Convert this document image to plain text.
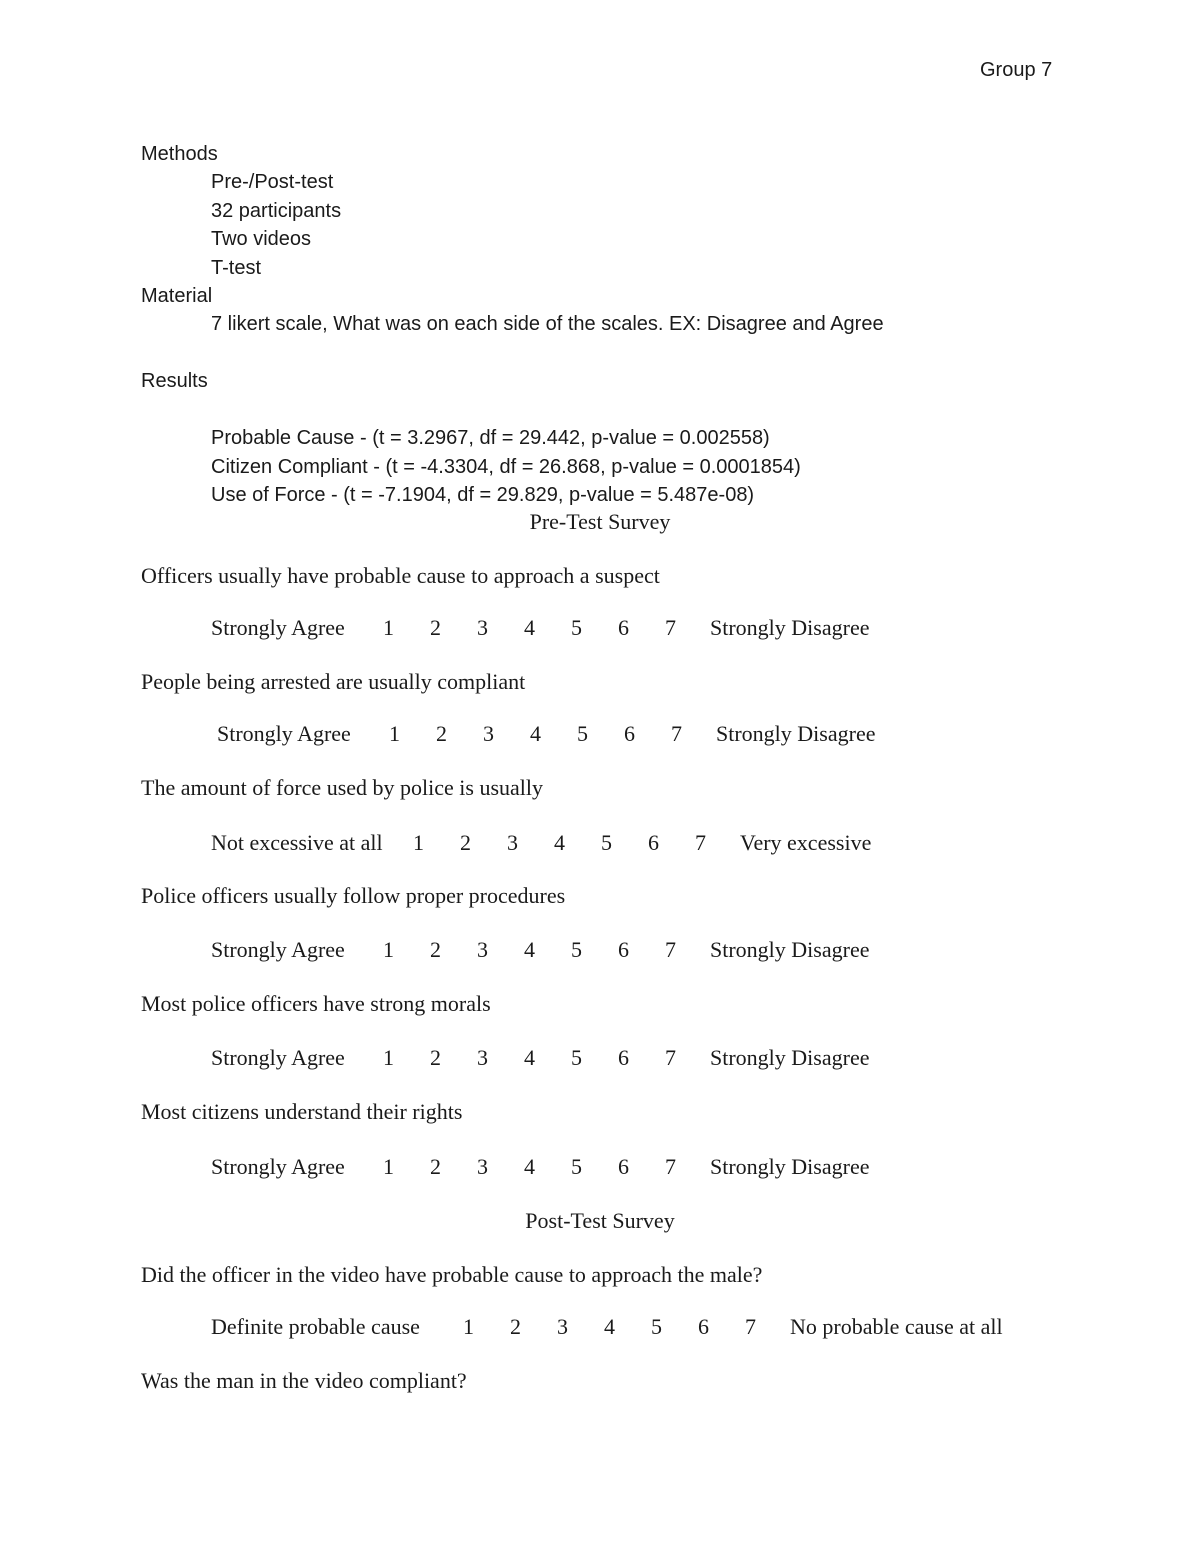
Group 7
Methods
Pre-/Post-test
32 participants
Two videos
T-test
Material
7 likert scale, What was on each side of the scales. EX: Disagree and Agree
Results
Probable Cause - (t = 3.2967, df = 29.442, p-value = 0.002558)
Citizen Compliant - (t = -4.3304, df = 26.868, p-value = 0.0001854)
Use of Force - (t = -7.1904, df = 29.829, p-value = 5.487e-08)
Pre-Test Survey
Officers usually have probable cause to approach a suspect
Strongly Agree 1 2 3 4 5 6 7 Strongly Disagree
People being arrested are usually compliant
Strongly Agree 1 2 3 4 5 6 7 Strongly Disagree
The amount of force used by police is usually
Not excessive at all 1 2 3 4 5 6 7 Very excessive
Police officers usually follow proper procedures
Strongly Agree 1 2 3 4 5 6 7 Strongly Disagree
Most police officers have strong morals
Strongly Agree 1 2 3 4 5 6 7 Strongly Disagree
Most citizens understand their rights
Strongly Agree 1 2 3 4 5 6 7 Strongly Disagree
Post-Test Survey
Did the officer in the video have probable cause to approach the male?
Definite probable cause 1 2 3 4 5 6 7 No probable cause at all
Was the man in the video compliant?
